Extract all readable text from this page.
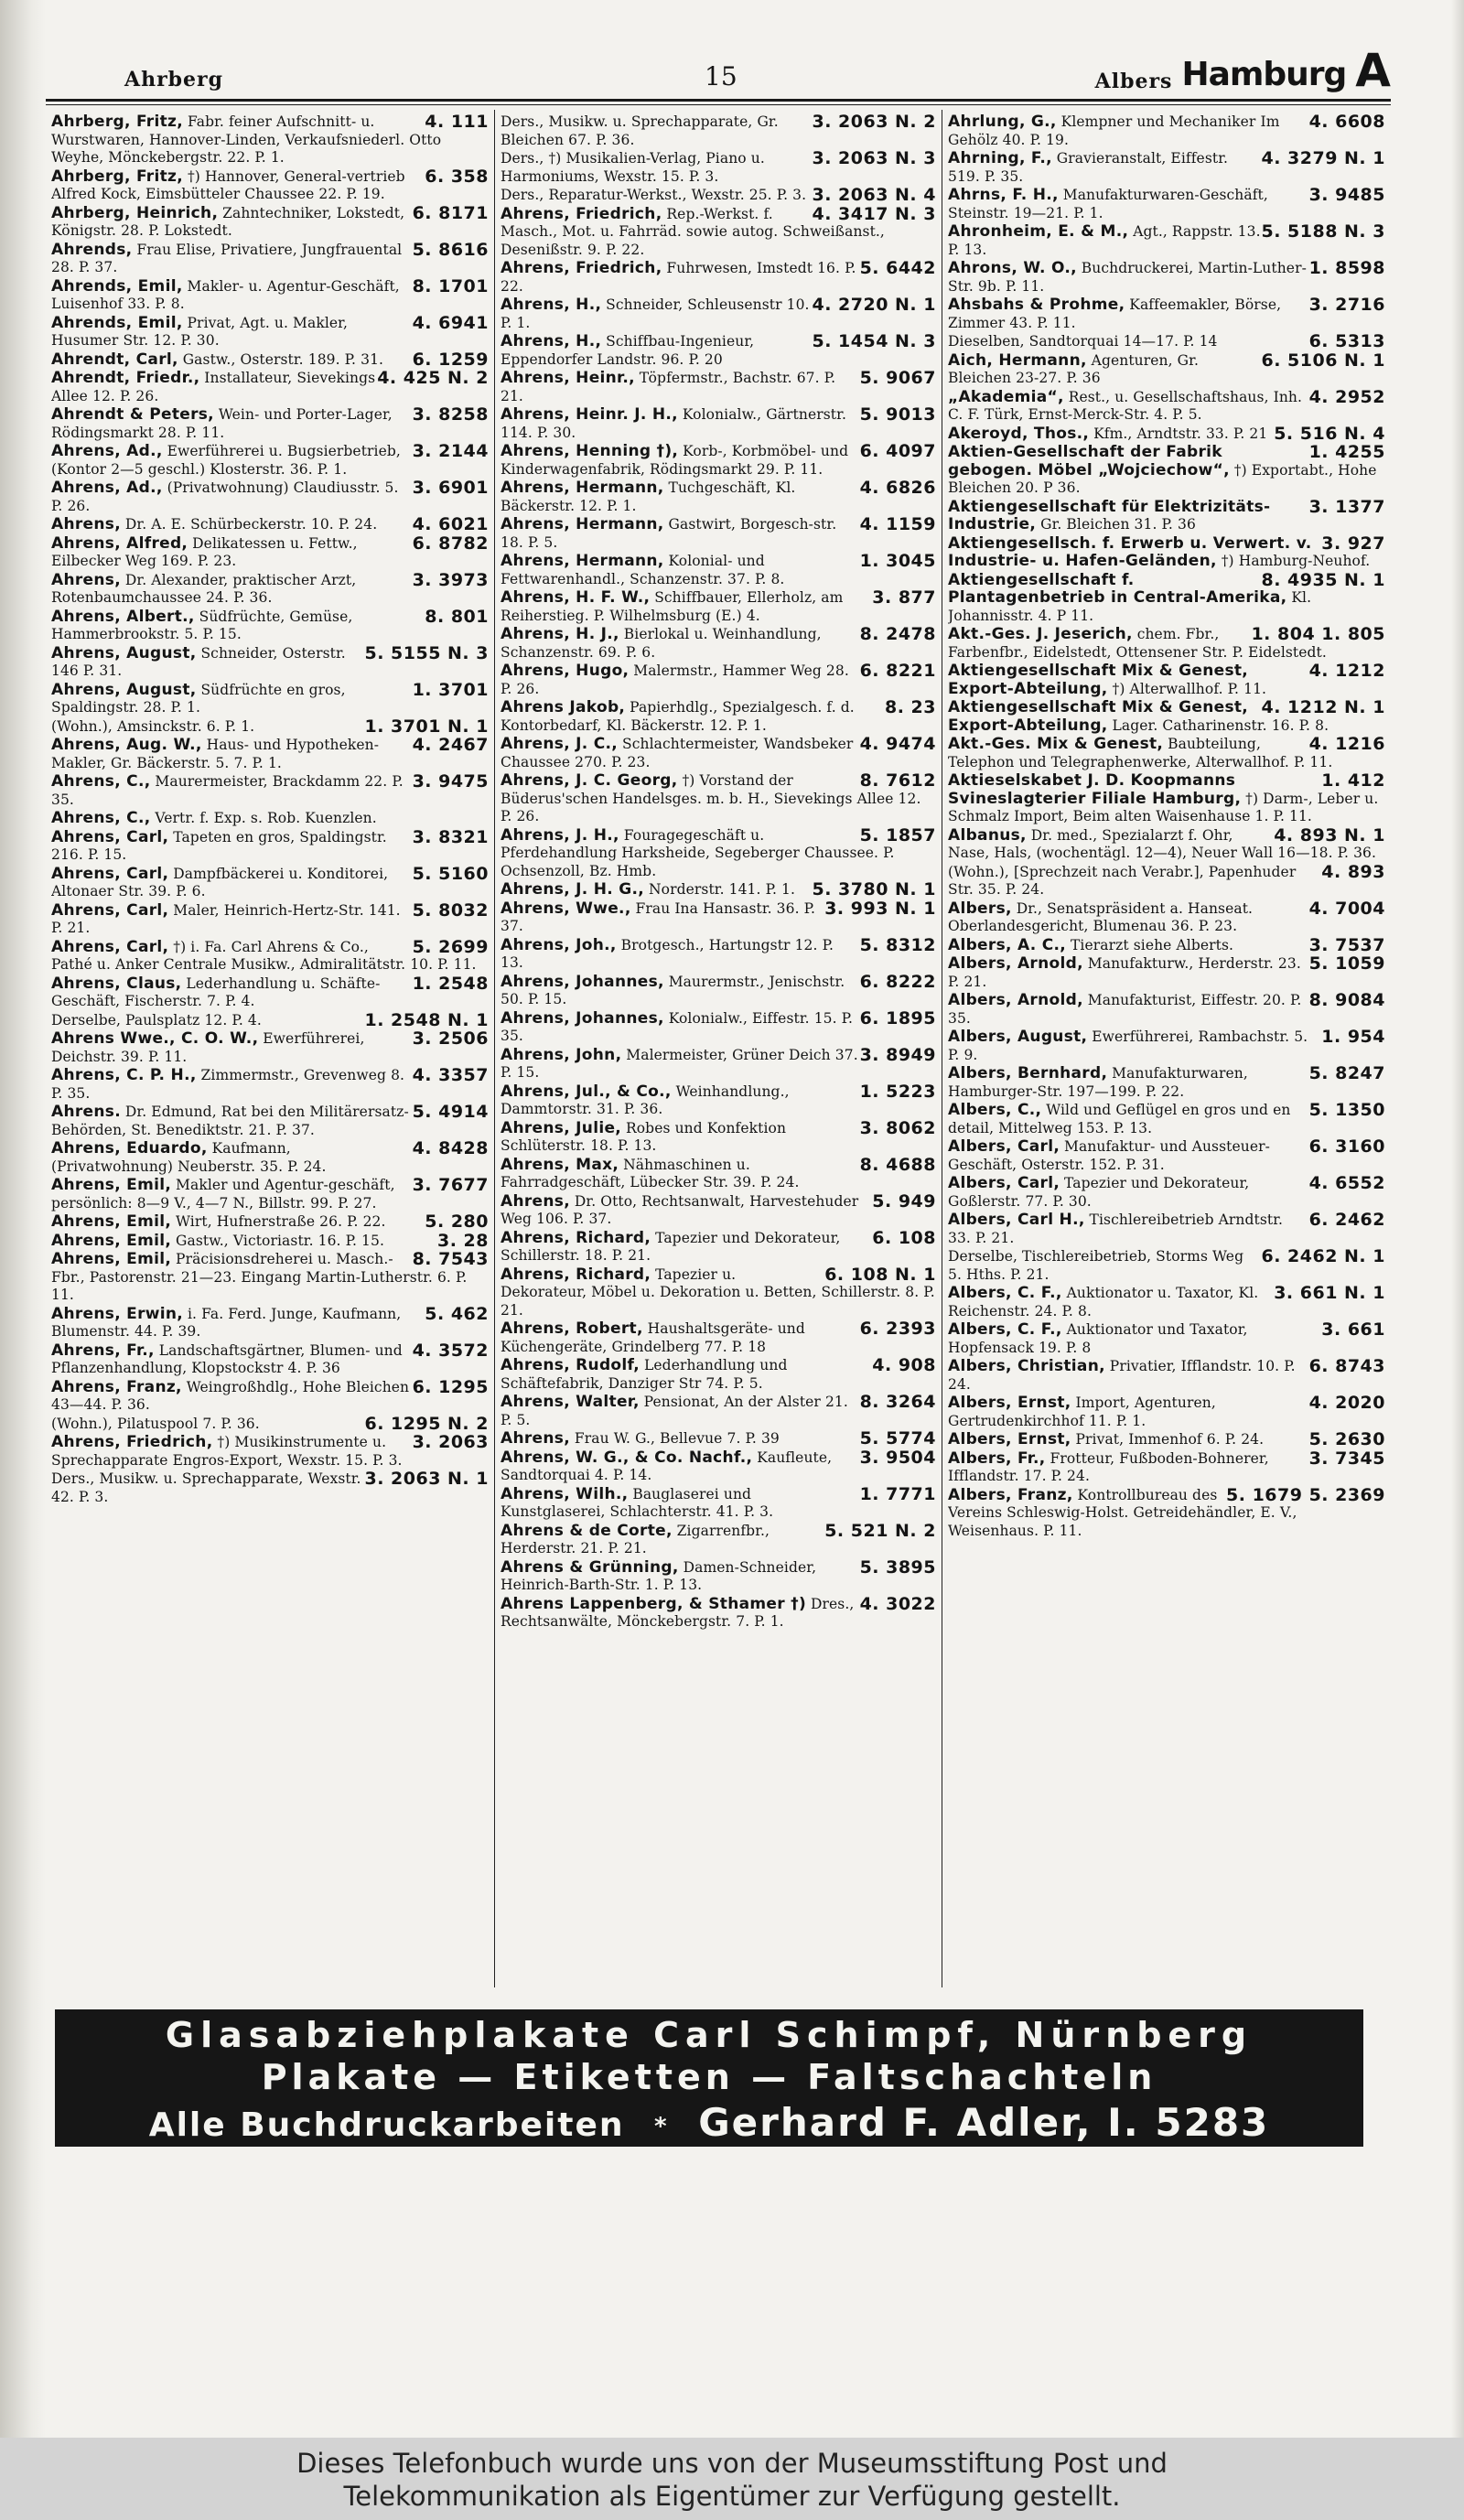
Ahrberg	15	Albers Hamburg A
4. 111
Ahrberg, Fritz, Fabr. feiner Aufschnitt- u. Wurstwaren, Hannover-Linden, Verkaufsniederl. Otto Weyhe, Mönckebergstr. 22. P. 1.
6. 358
Ahrberg, Fritz, †) Hannover, General-vertrieb Alfred Kock, Eimsbütteler Chaussee 22. P. 19.
6. 8171
Ahrberg, Heinrich, Zahntechniker, Lokstedt, Königstr. 28. P. Lokstedt.
5. 8616
Ahrends, Frau Elise, Privatiere, Jungfrauental 28. P. 37.
8. 1701
Ahrends, Emil, Makler- u. Agentur-Geschäft, Luisenhof 33. P. 8.
4. 6941
Ahrends, Emil, Privat, Agt. u. Makler, Husumer Str. 12. P. 30.
6. 1259
Ahrendt, Carl, Gastw., Osterstr. 189. P. 31.
4. 425 N. 2
Ahrendt, Friedr., Installateur, Sievekings Allee 12. P. 26.
3. 8258
Ahrendt & Peters, Wein- und Porter-Lager, Rödingsmarkt 28. P. 11.
3. 2144
Ahrens, Ad., Ewerführerei u. Bugsierbetrieb, (Kontor 2—5 geschl.) Klosterstr. 36. P. 1.
3. 6901
Ahrens, Ad., (Privatwohnung) Claudiusstr. 5. P. 26.
4. 6021
Ahrens, Dr. A. E. Schürbeckerstr. 10. P. 24.
6. 8782
Ahrens, Alfred, Delikatessen u. Fettw., Eilbecker Weg 169. P. 23.
3. 3973
Ahrens, Dr. Alexander, praktischer Arzt, Rotenbaumchaussee 24. P. 36.
8. 801
Ahrens, Albert., Südfrüchte, Gemüse, Hammerbrookstr. 5. P. 15.
5. 5155 N. 3
Ahrens, August, Schneider, Osterstr. 146 P. 31.
1. 3701
Ahrens, August, Südfrüchte en gros, Spaldingstr. 28. P. 1.
1. 3701 N. 1
(Wohn.), Amsinckstr. 6. P. 1.
4. 2467
Ahrens, Aug. W., Haus- und Hypotheken-Makler, Gr. Bäckerstr. 5. 7. P. 1.
3. 9475
Ahrens, C., Maurermeister, Brackdamm 22. P. 35.
Ahrens, C., Vertr. f. Exp. s. Rob. Kuenzlen.
3. 8321
Ahrens, Carl, Tapeten en gros, Spaldingstr. 216. P. 15.
5. 5160
Ahrens, Carl, Dampfbäckerei u. Konditorei, Altonaer Str. 39. P. 6.
5. 8032
Ahrens, Carl, Maler, Heinrich-Hertz-Str. 141. P. 21.
5. 2699
Ahrens, Carl, †) i. Fa. Carl Ahrens & Co., Pathé u. Anker Centrale Musikw., Admiralitätstr. 10. P. 11.
1. 2548
Ahrens, Claus, Lederhandlung u. Schäfte-Geschäft, Fischerstr. 7. P. 4.
1. 2548 N. 1
Derselbe, Paulsplatz 12. P. 4.
3. 2506
Ahrens Wwe., C. O. W., Ewerführerei, Deichstr. 39. P. 11.
4. 3357
Ahrens, C. P. H., Zimmermstr., Grevenweg 8. P. 35.
5. 4914
Ahrens. Dr. Edmund, Rat bei den Militärersatz-Behörden, St. Benediktstr. 21. P. 37.
4. 8428
Ahrens, Eduardo, Kaufmann, (Privatwohnung) Neuberstr. 35. P. 24.
3. 7677
Ahrens, Emil, Makler und Agentur-geschäft, persönlich: 8—9 V., 4—7 N., Billstr. 99. P. 27.
5. 280
Ahrens, Emil, Wirt, Hufnerstraße 26. P. 22.
3. 28
Ahrens, Emil, Gastw., Victoriastr. 16. P. 15.
8. 7543
Ahrens, Emil, Präcisionsdreherei u. Masch.-Fbr., Pastorenstr. 21—23. Eingang Martin-Lutherstr. 6. P. 11.
5. 462
Ahrens, Erwin, i. Fa. Ferd. Junge, Kaufmann, Blumenstr. 44. P. 39.
4. 3572
Ahrens, Fr., Landschaftsgärtner, Blumen- und Pflanzenhandlung, Klopstockstr 4. P. 36
6. 1295
Ahrens, Franz, Weingroßhdlg., Hohe Bleichen 43—44. P. 36.
6. 1295 N. 2
(Wohn.), Pilatuspool 7. P. 36.
3. 2063
Ahrens, Friedrich, †) Musikinstrumente u. Sprechapparate Engros-Export, Wexstr. 15. P. 3.
3. 2063 N. 1
Ders., Musikw. u. Sprechapparate, Wexstr. 42. P. 3.
3. 2063 N. 2
Ders., Musikw. u. Sprechapparate, Gr. Bleichen 67. P. 36.
3. 2063 N. 3
Ders., †) Musikalien-Verlag, Piano u. Harmoniums, Wexstr. 15. P. 3.
3. 2063 N. 4
Ders., Reparatur-Werkst., Wexstr. 25. P. 3.
4. 3417 N. 3
Ahrens, Friedrich, Rep.-Werkst. f. Masch., Mot. u. Fahrräd. sowie autog. Schweißanst., Desenißstr. 9. P. 22.
5. 6442
Ahrens, Friedrich, Fuhrwesen, Imstedt 16. P. 22.
4. 2720 N. 1
Ahrens, H., Schneider, Schleusenstr 10. P. 1.
5. 1454 N. 3
Ahrens, H., Schiffbau-Ingenieur, Eppendorfer Landstr. 96. P. 20
5. 9067
Ahrens, Heinr., Töpfermstr., Bachstr. 67. P. 21.
5. 9013
Ahrens, Heinr. J. H., Kolonialw., Gärtnerstr. 114. P. 30.
6. 4097
Ahrens, Henning †), Korb-, Korbmöbel- und Kinderwagenfabrik, Rödingsmarkt 29. P. 11.
4. 6826
Ahrens, Hermann, Tuchgeschäft, Kl. Bäckerstr. 12. P. 1.
4. 1159
Ahrens, Hermann, Gastwirt, Borgesch-str. 18. P. 5.
1. 3045
Ahrens, Hermann, Kolonial- und Fettwarenhandl., Schanzenstr. 37. P. 8.
3. 877
Ahrens, H. F. W., Schiffbauer, Ellerholz, am Reiherstieg. P. Wilhelmsburg (E.) 4.
8. 2478
Ahrens, H. J., Bierlokal u. Weinhandlung, Schanzenstr. 69. P. 6.
6. 8221
Ahrens, Hugo, Malermstr., Hammer Weg 28. P. 26.
8. 23
Ahrens Jakob, Papierhdlg., Spezialgesch. f. d. Kontorbedarf, Kl. Bäckerstr. 12. P. 1.
4. 9474
Ahrens, J. C., Schlachtermeister, Wandsbeker Chaussee 270. P. 23.
8. 7612
Ahrens, J. C. Georg, †) Vorstand der Büderus'schen Handelsges. m. b. H., Sievekings Allee 12. P. 26.
5. 1857
Ahrens, J. H., Fouragegeschäft u. Pferdehandlung Harksheide, Segeberger Chaussee. P. Ochsenzoll, Bz. Hmb.
5. 3780 N. 1
Ahrens, J. H. G., Norderstr. 141. P. 1.
3. 993 N. 1
Ahrens, Wwe., Frau Ina Hansastr. 36. P. 37.
5. 8312
Ahrens, Joh., Brotgesch., Hartungstr 12. P. 13.
6. 8222
Ahrens, Johannes, Maurermstr., Jenischstr. 50. P. 15.
6. 1895
Ahrens, Johannes, Kolonialw., Eiffestr. 15. P. 35.
3. 8949
Ahrens, John, Malermeister, Grüner Deich 37. P. 15.
1. 5223
Ahrens, Jul., & Co., Weinhandlung., Dammtorstr. 31. P. 36.
3. 8062
Ahrens, Julie, Robes und Konfektion Schlüterstr. 18. P. 13.
8. 4688
Ahrens, Max, Nähmaschinen u. Fahrradgeschäft, Lübecker Str. 39. P. 24.
5. 949
Ahrens, Dr. Otto, Rechtsanwalt, Harvestehuder Weg 106. P. 37.
6. 108
Ahrens, Richard, Tapezier und Dekorateur, Schillerstr. 18. P. 21.
6. 108 N. 1
Ahrens, Richard, Tapezier u. Dekorateur, Möbel u. Dekoration u. Betten, Schillerstr. 8. P. 21.
6. 2393
Ahrens, Robert, Haushaltsgeräte- und Küchengeräte, Grindelberg 77. P. 18
4. 908
Ahrens, Rudolf, Lederhandlung und Schäftefabrik, Danziger Str 74. P. 5.
8. 3264
Ahrens, Walter, Pensionat, An der Alster 21. P. 5.
5. 5774
Ahrens, Frau W. G., Bellevue 7. P. 39
3. 9504
Ahrens, W. G., & Co. Nachf., Kaufleute, Sandtorquai 4. P. 14.
1. 7771
Ahrens, Wilh., Bauglaserei und Kunstglaserei, Schlachterstr. 41. P. 3.
5. 521 N. 2
Ahrens & de Corte, Zigarrenfbr., Herderstr. 21. P. 21.
5. 3895
Ahrens & Grünning, Damen-Schneider, Heinrich-Barth-Str. 1. P. 13.
4. 3022
Ahrens Lappenberg, & Sthamer †) Dres., Rechtsanwälte, Mönckebergstr. 7. P. 1.
4. 6608
Ahrlung, G., Klempner und Mechaniker Im Gehölz 40. P. 19.
4. 3279 N. 1
Ahrning, F., Gravieranstalt, Eiffestr. 519. P. 35.
3. 9485
Ahrns, F. H., Manufakturwaren-Geschäft, Steinstr. 19—21. P. 1.
5. 5188 N. 3
Ahronheim, E. & M., Agt., Rappstr. 13. P. 13.
1. 8598
Ahrons, W. O., Buchdruckerei, Martin-Luther-Str. 9b. P. 11.
3. 2716
Ahsbahs & Prohme, Kaffeemakler, Börse, Zimmer 43. P. 11.
6. 5313
Dieselben, Sandtorquai 14—17. P. 14
6. 5106 N. 1
Aich, Hermann, Agenturen, Gr. Bleichen 23-27. P. 36
4. 2952
„Akademia“, Rest., u. Gesellschaftshaus, Inh. C. F. Türk, Ernst-Merck-Str. 4. P. 5.
5. 516 N. 4
Akeroyd, Thos., Kfm., Arndtstr. 33. P. 21
1. 4255
Aktien-Gesellschaft der Fabrik gebogen. Möbel „Wojciechow“, †) Exportabt., Hohe Bleichen 20. P 36.
3. 1377
Aktiengesellschaft für Elektrizitäts-Industrie, Gr. Bleichen 31. P. 36
3. 927
Aktiengesellsch. f. Erwerb u. Verwert. v. Industrie- u. Hafen-Geländen, †) Hamburg-Neuhof.
8. 4935 N. 1
Aktiengesellschaft f. Plantagenbetrieb in Central-Amerika, Kl. Johannisstr. 4. P 11.
1. 804 1. 805
Akt.-Ges. J. Jeserich, chem. Fbr., Farbenfbr., Eidelstedt, Ottensener Str. P. Eidelstedt.
4. 1212
Aktiengesellschaft Mix & Genest, Export-Abteilung, †) Alterwallhof. P. 11.
4. 1212 N. 1
Aktiengesellschaft Mix & Genest, Export-Abteilung, Lager. Catharinenstr. 16. P. 8.
4. 1216
Akt.-Ges. Mix & Genest, Baubteilung, Telephon und Telegraphenwerke, Alterwallhof. P. 11.
1. 412
Aktieselskabet J. D. Koopmanns Svineslagterier Filiale Hamburg, †) Darm-, Leber u. Schmalz Import, Beim alten Waisenhause 1. P. 11.
4. 893 N. 1
Albanus, Dr. med., Spezialarzt f. Ohr, Nase, Hals, (wochentägl. 12—4), Neuer Wall 16—18. P. 36.
4. 893
(Wohn.), [Sprechzeit nach Verabr.], Papenhuder Str. 35. P. 24.
4. 7004
Albers, Dr., Senatspräsident a. Hanseat. Oberlandesgericht, Blumenau 36. P. 23.
3. 7537
Albers, A. C., Tierarzt siehe Alberts.
5. 1059
Albers, Arnold, Manufakturw., Herderstr. 23. P. 21.
8. 9084
Albers, Arnold, Manufakturist, Eiffestr. 20. P. 35.
1. 954
Albers, August, Ewerführerei, Rambachstr. 5. P. 9.
5. 8247
Albers, Bernhard, Manufakturwaren, Hamburger-Str. 197—199. P. 22.
5. 1350
Albers, C., Wild und Geflügel en gros und en detail, Mittelweg 153. P. 13.
6. 3160
Albers, Carl, Manufaktur- und Aussteuer-Geschäft, Osterstr. 152. P. 31.
4. 6552
Albers, Carl, Tapezier und Dekorateur, Goßlerstr. 77. P. 30.
6. 2462
Albers, Carl H., Tischlereibetrieb Arndtstr. 33. P. 21.
6. 2462 N. 1
Derselbe, Tischlereibetrieb, Storms Weg 5. Hths. P. 21.
3. 661 N. 1
Albers, C. F., Auktionator u. Taxator, Kl. Reichenstr. 24. P. 8.
3. 661
Albers, C. F., Auktionator und Taxator, Hopfensack 19. P. 8
6. 8743
Albers, Christian, Privatier, Ifflandstr. 10. P. 24.
4. 2020
Albers, Ernst, Import, Agenturen, Gertrudenkirchhof 11. P. 1.
5. 2630
Albers, Ernst, Privat, Immenhof 6. P. 24.
3. 7345
Albers, Fr., Frotteur, Fußboden-Bohnerer, Ifflandstr. 17. P. 24.
5. 1679 5. 2369
Albers, Franz, Kontrollbureau des Vereins Schleswig-Holst. Getreidehändler, E. V., Weisenhaus. P. 11.
Glasabziehplakate Carl Schimpf, Nürnberg
Plakate — Etiketten — Faltschachteln
Alle Buchdruckarbeiten * Gerhard F. Adler, I. 5283
Dieses Telefonbuch wurde uns von der Museumsstiftung Post und
Telekommunikation als Eigentümer zur Verfügung gestellt.
